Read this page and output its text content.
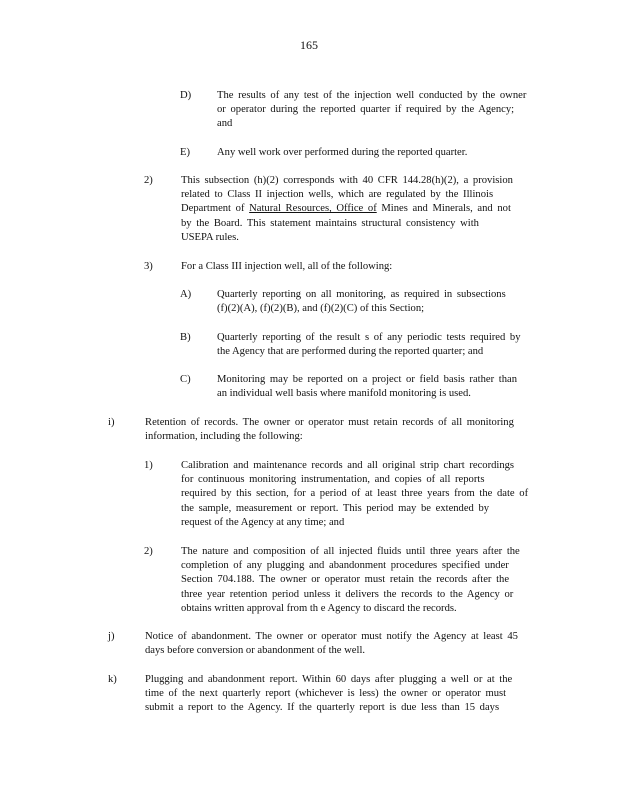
165
D) The results of any test of the injection well conducted by the owner
or operator during the reported quarter if required by the Agency;
and
E)	Any well work over performed during the reported quarter.
2)	This subsection (h)(2) corresponds with 40 CFR 144.28(h)(2), a provision
related to Class II injection wells, which are regulated by the Illinois
Department of Natural Resources, Office of Mines and Minerals, and not
by the Board. This statement maintains structural consistency with
USEPA rules.
3)	For a Class III injection well, all of the following:
A) Quarterly reporting on all monitoring, as required in subsections
(f)(2)(A), (f)(2)(B), and (f)(2)(C) of this Section;
B) Quarterly reporting of the result s of any periodic tests required by
the Agency that are performed during the reported quarter; and
C) Monitoring may be reported on a project or field basis rather than
an individual well basis where manifold monitoring is used.
i)	Retention of records. The owner or operator must retain records of all monitoring
information, including the following:
1)	Calibration and maintenance records and all original strip chart recordings
for continuous monitoring instrumentation, and copies of all reports
required by this section, for a period of at least three years from the date of
the sample, measurement or report. This period may be extended by
request of the Agency at any time; and
2)	The nature and composition of all injected fluids until three years after the
completion of any plugging and abandonment procedures specified under
Section 704.188. The owner or operator must retain the records after the
three year retention period unless it delivers the records to the Agency or
obtains written approval from th e Agency to discard the records.
j)	Notice of abandonment. The owner or operator must notify the Agency at least 45
days before conversion or abandonment of the well.
k)	Plugging and abandonment report. Within 60 days after plugging a well or at the
time of the next quarterly report (whichever is less) the owner or operator must
submit a report to the Agency. If the quarterly report is due less than 15 days
